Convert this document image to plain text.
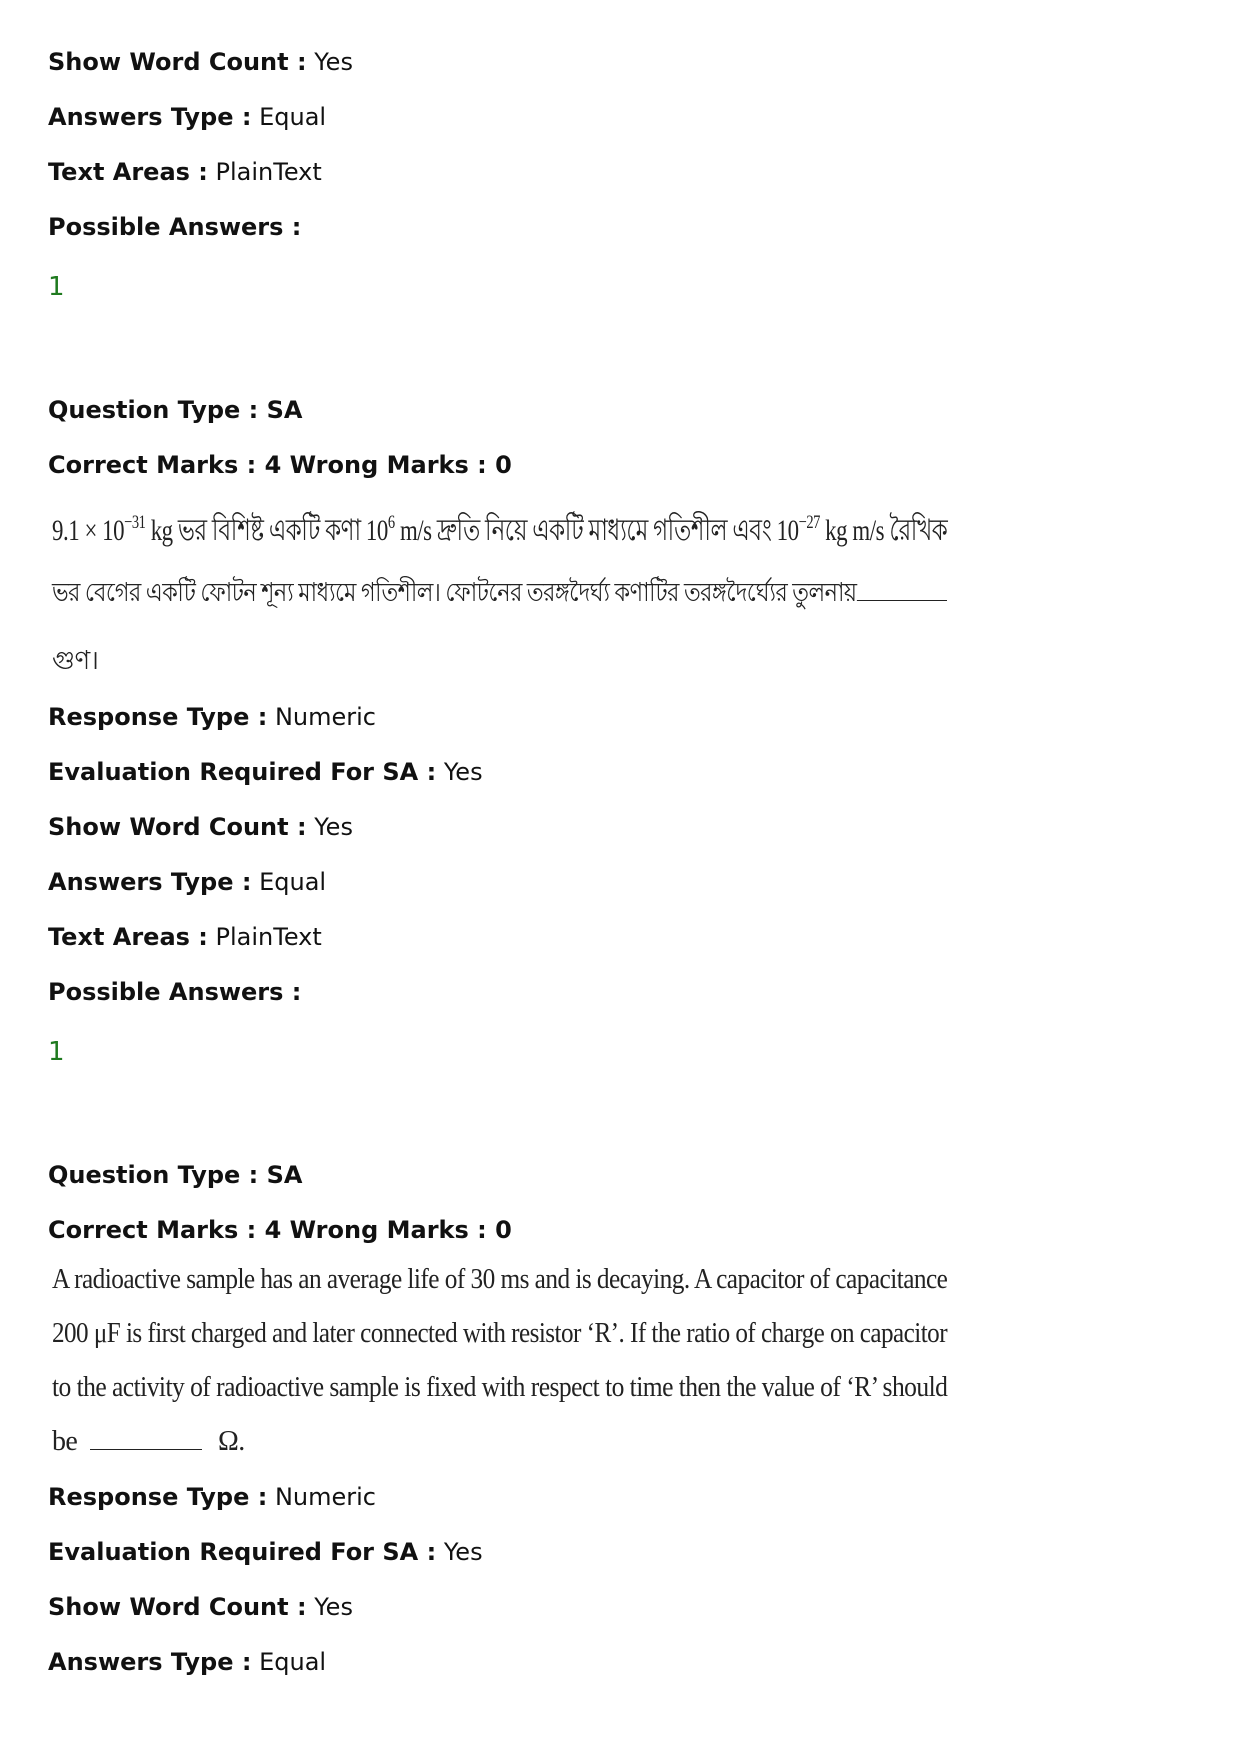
Show Word Count : Yes
Answers Type : Equal
Text Areas : PlainText
Possible Answers :
1
Question Type : SA
Correct Marks : 4 Wrong Marks : 0
$9.1 \times 10^{-31}$ kg ভর বিশিষ্ট একটি কণা $10^6$ m/s দ্রুতি নিয়ে একটি মাধ্যমে গতিশীল এবং $10^{-27}$ kg m/s রৈখিক
ভর বেগের একটি ফোটন শূন্য মাধ্যমে গতিশীল। ফোটনের তরঙ্গদৈর্ঘ্য কণাটির তরঙ্গদৈর্ঘ্যের তুলনায়
গুণ।
Response Type : Numeric
Evaluation Required For SA : Yes
Show Word Count : Yes
Answers Type : Equal
Text Areas : PlainText
Possible Answers :
1
Question Type : SA
Correct Marks : 4 Wrong Marks : 0
A radioactive sample has an average life of 30 ms and is decaying. A capacitor of capacitance
200 μF is first charged and later connected with resistor ‘R’. If the ratio of charge on capacitor
to the activity of radioactive sample is fixed with respect to time then the value of ‘R’ should
be	Ω.
Response Type : Numeric
Evaluation Required For SA : Yes
Show Word Count : Yes
Answers Type : Equal
